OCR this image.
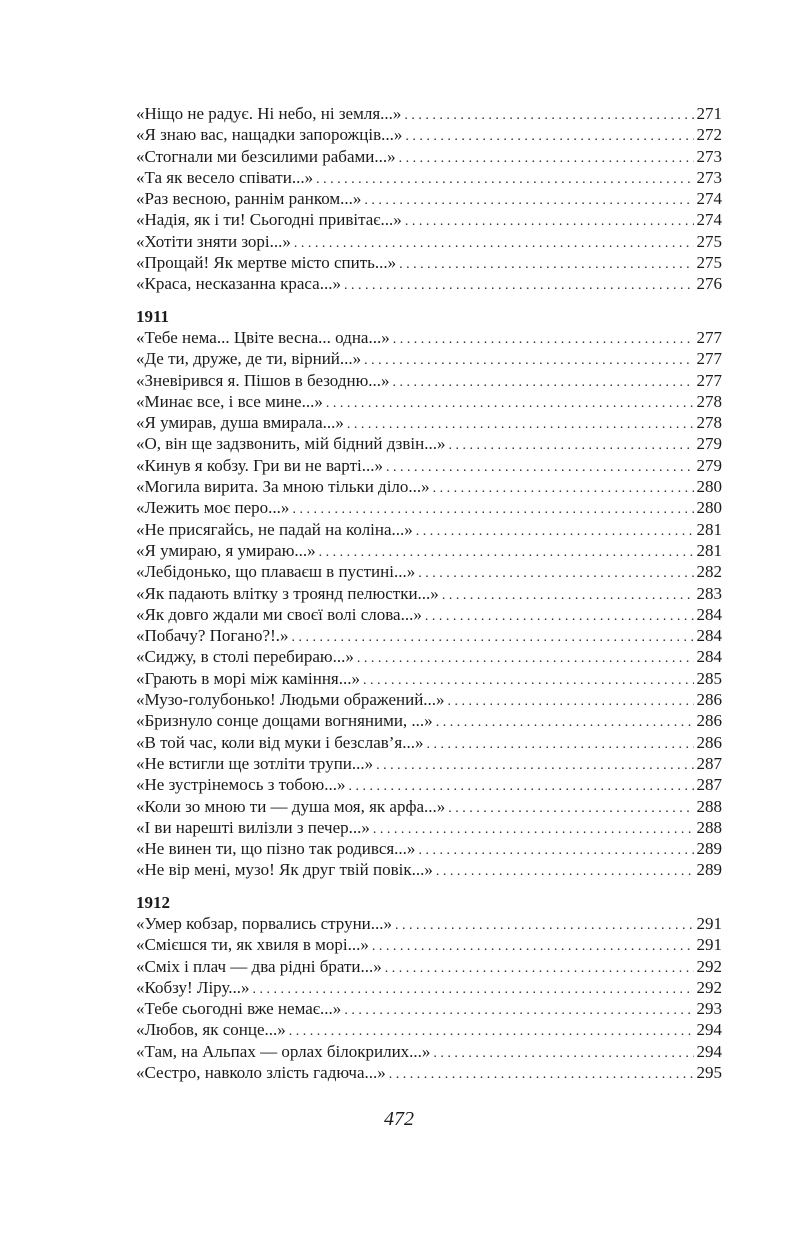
«Ніщо не радує. Ні небо, ні земля...» . . .	271
«Я знаю вас, нащадки запорожців...» . . .	272
«Стогнали ми безсилими рабами...» . . .	273
«Та як весело співати...» . . .	273
«Раз весною, раннім ранком...» . . .	274
«Надія, як і ти! Сьогодні привітає...» . . .	274
«Хотіти зняти зорі...» . . .	275
«Прощай! Як мертве місто спить...» . . .	275
«Краса, несказанна краса...» . . .	276
1911
«Тебе нема... Цвіте весна... одна...» . . .	277
«Де ти, друже, де ти, вірний...» . . .	277
«Зневірився я. Пішов в безодню...» . . .	277
«Минає все, і все мине...» . . .	278
«Я умирав, душа вмирала...» . . .	278
«О, він ще задзвонить, мій бідний дзвін...» . . .	279
«Кинув я кобзу. Гри ви не варті...» . . .	279
«Могила вирита. За мною тільки діло...» . . .	280
«Лежить моє перо...» . . .	280
«Не присягайсь, не падай на коліна...» . . .	281
«Я умираю, я умираю...» . . .	281
«Лебідонько, що плаваєш в пустині...» . . .	282
«Як падають влітку з троянд пелюстки...» . . .	283
«Як довго ждали ми своєї волі слова...» . . .	284
«Побачу? Погано?!.» . . .	284
«Сиджу, в столі перебираю...» . . .	284
«Грають в морі між каміння...» . . .	285
«Музо-голубонько! Людьми ображений...» . . .	286
«Бризнуло сонце дощами вогняними, ...» . . .	286
«В той час, коли від муки і безслав’я...» . . .	286
«Не встигли ще зотліти трупи...» . . .	287
«Не зустрінемось з тобою...» . . .	287
«Коли зо мною ти — душа моя, як арфа...» . . .	288
«І ви нарешті вилізли з печер...» . . .	288
«Не винен ти, що пізно так родився...» . . .	289
«Не вір мені, музо! Як друг твій повік...» . . .	289
1912
«Умер кобзар, порвались струни...» . . .	291
«Смієшся ти, як хвиля в морі...» . . .	291
«Сміх і плач — два рідні брати...» . . .	292
«Кобзу! Ліру...» . . .	292
«Тебе сьогодні вже немає...» . . .	293
«Любов, як сонце...» . . .	294
«Там, на Альпах — орлах білокрилих...» . . .	294
«Сестро, навколо злість гадюча...» . . .	295
472
